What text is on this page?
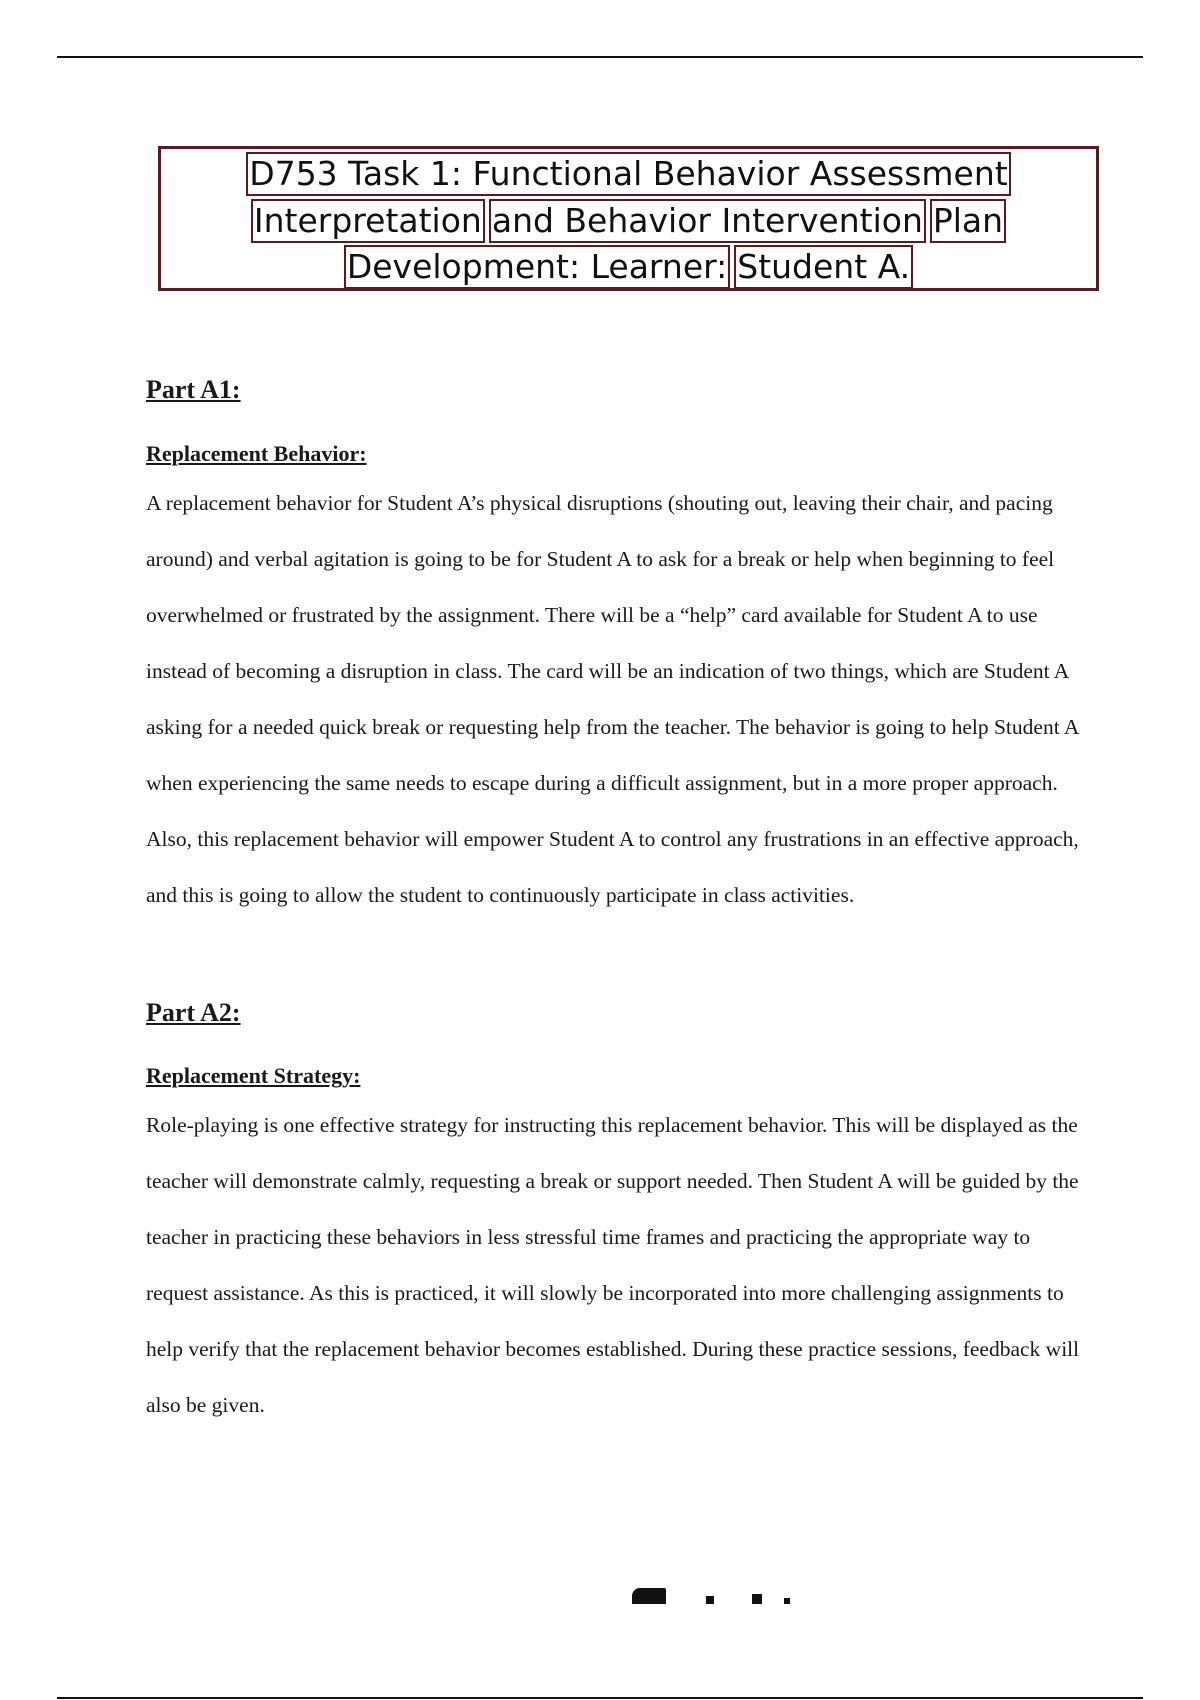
D753 Task 1: Functional Behavior Assessment
Interpretation and Behavior Intervention Plan
Development: Learner: Student A.
Part A1:
Replacement Behavior:

A replacement behavior for Student A’s physical disruptions (shouting out, leaving their chair, and pacing around) and verbal agitation is going to be for Student A to ask for a break or help when beginning to feel overwhelmed or frustrated by the assignment. There will be a “help” card available for Student A to use instead of becoming a disruption in class. The card will be an indication of two things, which are Student A asking for a needed quick break or requesting help from the teacher. The behavior is going to help Student A when experiencing the same needs to escape during a difficult assignment, but in a more proper approach. Also, this replacement behavior will empower Student A to control any frustrations in an effective approach, and this is going to allow the student to continuously participate in class activities.

Part A2:
Replacement Strategy:

Role-playing is one effective strategy for instructing this replacement behavior. This will be displayed as the teacher will demonstrate calmly, requesting a break or support needed. Then Student A will be guided by the teacher in practicing these behaviors in less stressful time frames and practicing the appropriate way to request assistance. As this is practiced, it will slowly be incorporated into more challenging assignments to help verify that the replacement behavior becomes established. During these practice sessions, feedback will also be given.
